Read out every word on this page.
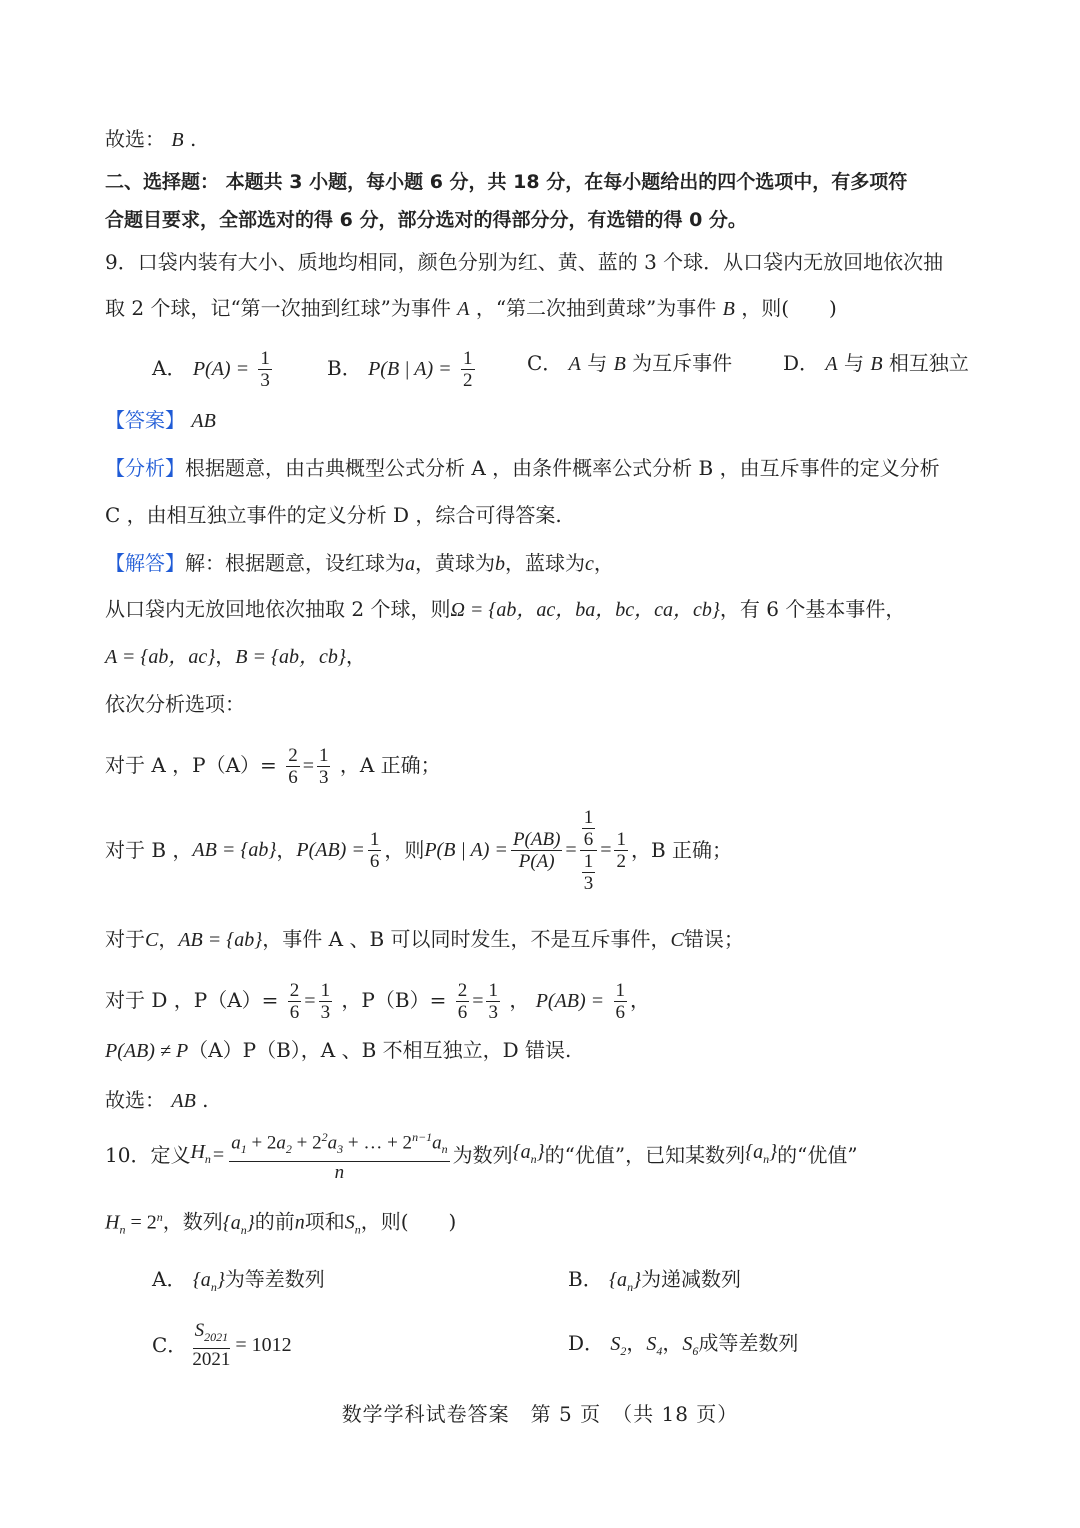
故选： B .
二、选择题： 本题共 3 小题，每小题 6 分，共 18 分，在每小题给出的四个选项中，有多项符
合题目要求，全部选对的得 6 分，部分选对的得部分分，有选错的得 0 分。
9．口袋内装有大小、质地均相同，颜色分别为红、黄、蓝的 3 个球．从口袋内无放回地依次抽
取 2 个球，记“第一次抽到红球”为事件 A ，“第二次抽到黄球”为事件 B ，则(　　)
A． $P(A) = \frac{1}{3}$	B． P(B | $A) = \frac{1}{2}$	C． A 与 B 为互斥事件	D． A 与 B 相互独立
【答案】 AB
【分析】根据题意，由古典概型公式分析 A ，由条件概率公式分析 B ，由互斥事件的定义分析
C ，由相互独立事件的定义分析 D ，综合可得答案.
【解答】解：根据题意，设红球为a，黄球为b，蓝球为c，
从口袋内无放回地依次抽取 2 个球，则Ω = {ab，ac，ba，bc，ca，cb}，有 6 个基本事件，
A = {ab，ac}，B = {ab，cb}，
依次分析选项：
对于 A ，$P(A)= \frac{2}{6} = \frac{1}{3}$ ，A 正确；
对于 B ， AB = {ab} ， $P(AB) = \frac{1}{6}$ ，则 P(B | $A) = \frac{P(AB)}{P(A)} = \frac{\frac{1}{6}}{\frac{1}{3}} = \frac{1}{2}$ ，B 正确；
对于C，AB = {ab}，事件 A 、B 可以同时发生，不是互斥事件，C错误；
对于 D ，$P(A)= \frac{2}{6} = \frac{1}{3}$ ，$P(B)= \frac{2}{6} = \frac{1}{3}$ ， $P(AB) = \frac{1}{6}$ ，
P(AB) ≠ P（A）P（B），A 、B 不相互独立，D 错误.
故选： AB .
10．定义 $H_n = \frac{a_1 + 2a_2 + 2^2a_3 + \dots + 2^{n-1}a_n}{n}$ 为数列 $\{a_n\}$ 的“优值”，已知某数列 $\{a_n\}$ 的“优值”
$H_n = 2^n$，数列$\{a_n\}$的前n项和$S_n$，则(　　)
A． $\{a_n\}$为等差数列	B． $\{a_n\}$为递减数列
C． $\frac{S_{2021}}{2021} = 1012$	D． $S_2$，$S_4$，$S_6$成等差数列
数学学科试卷答案　第 5 页　（共 18 页）
